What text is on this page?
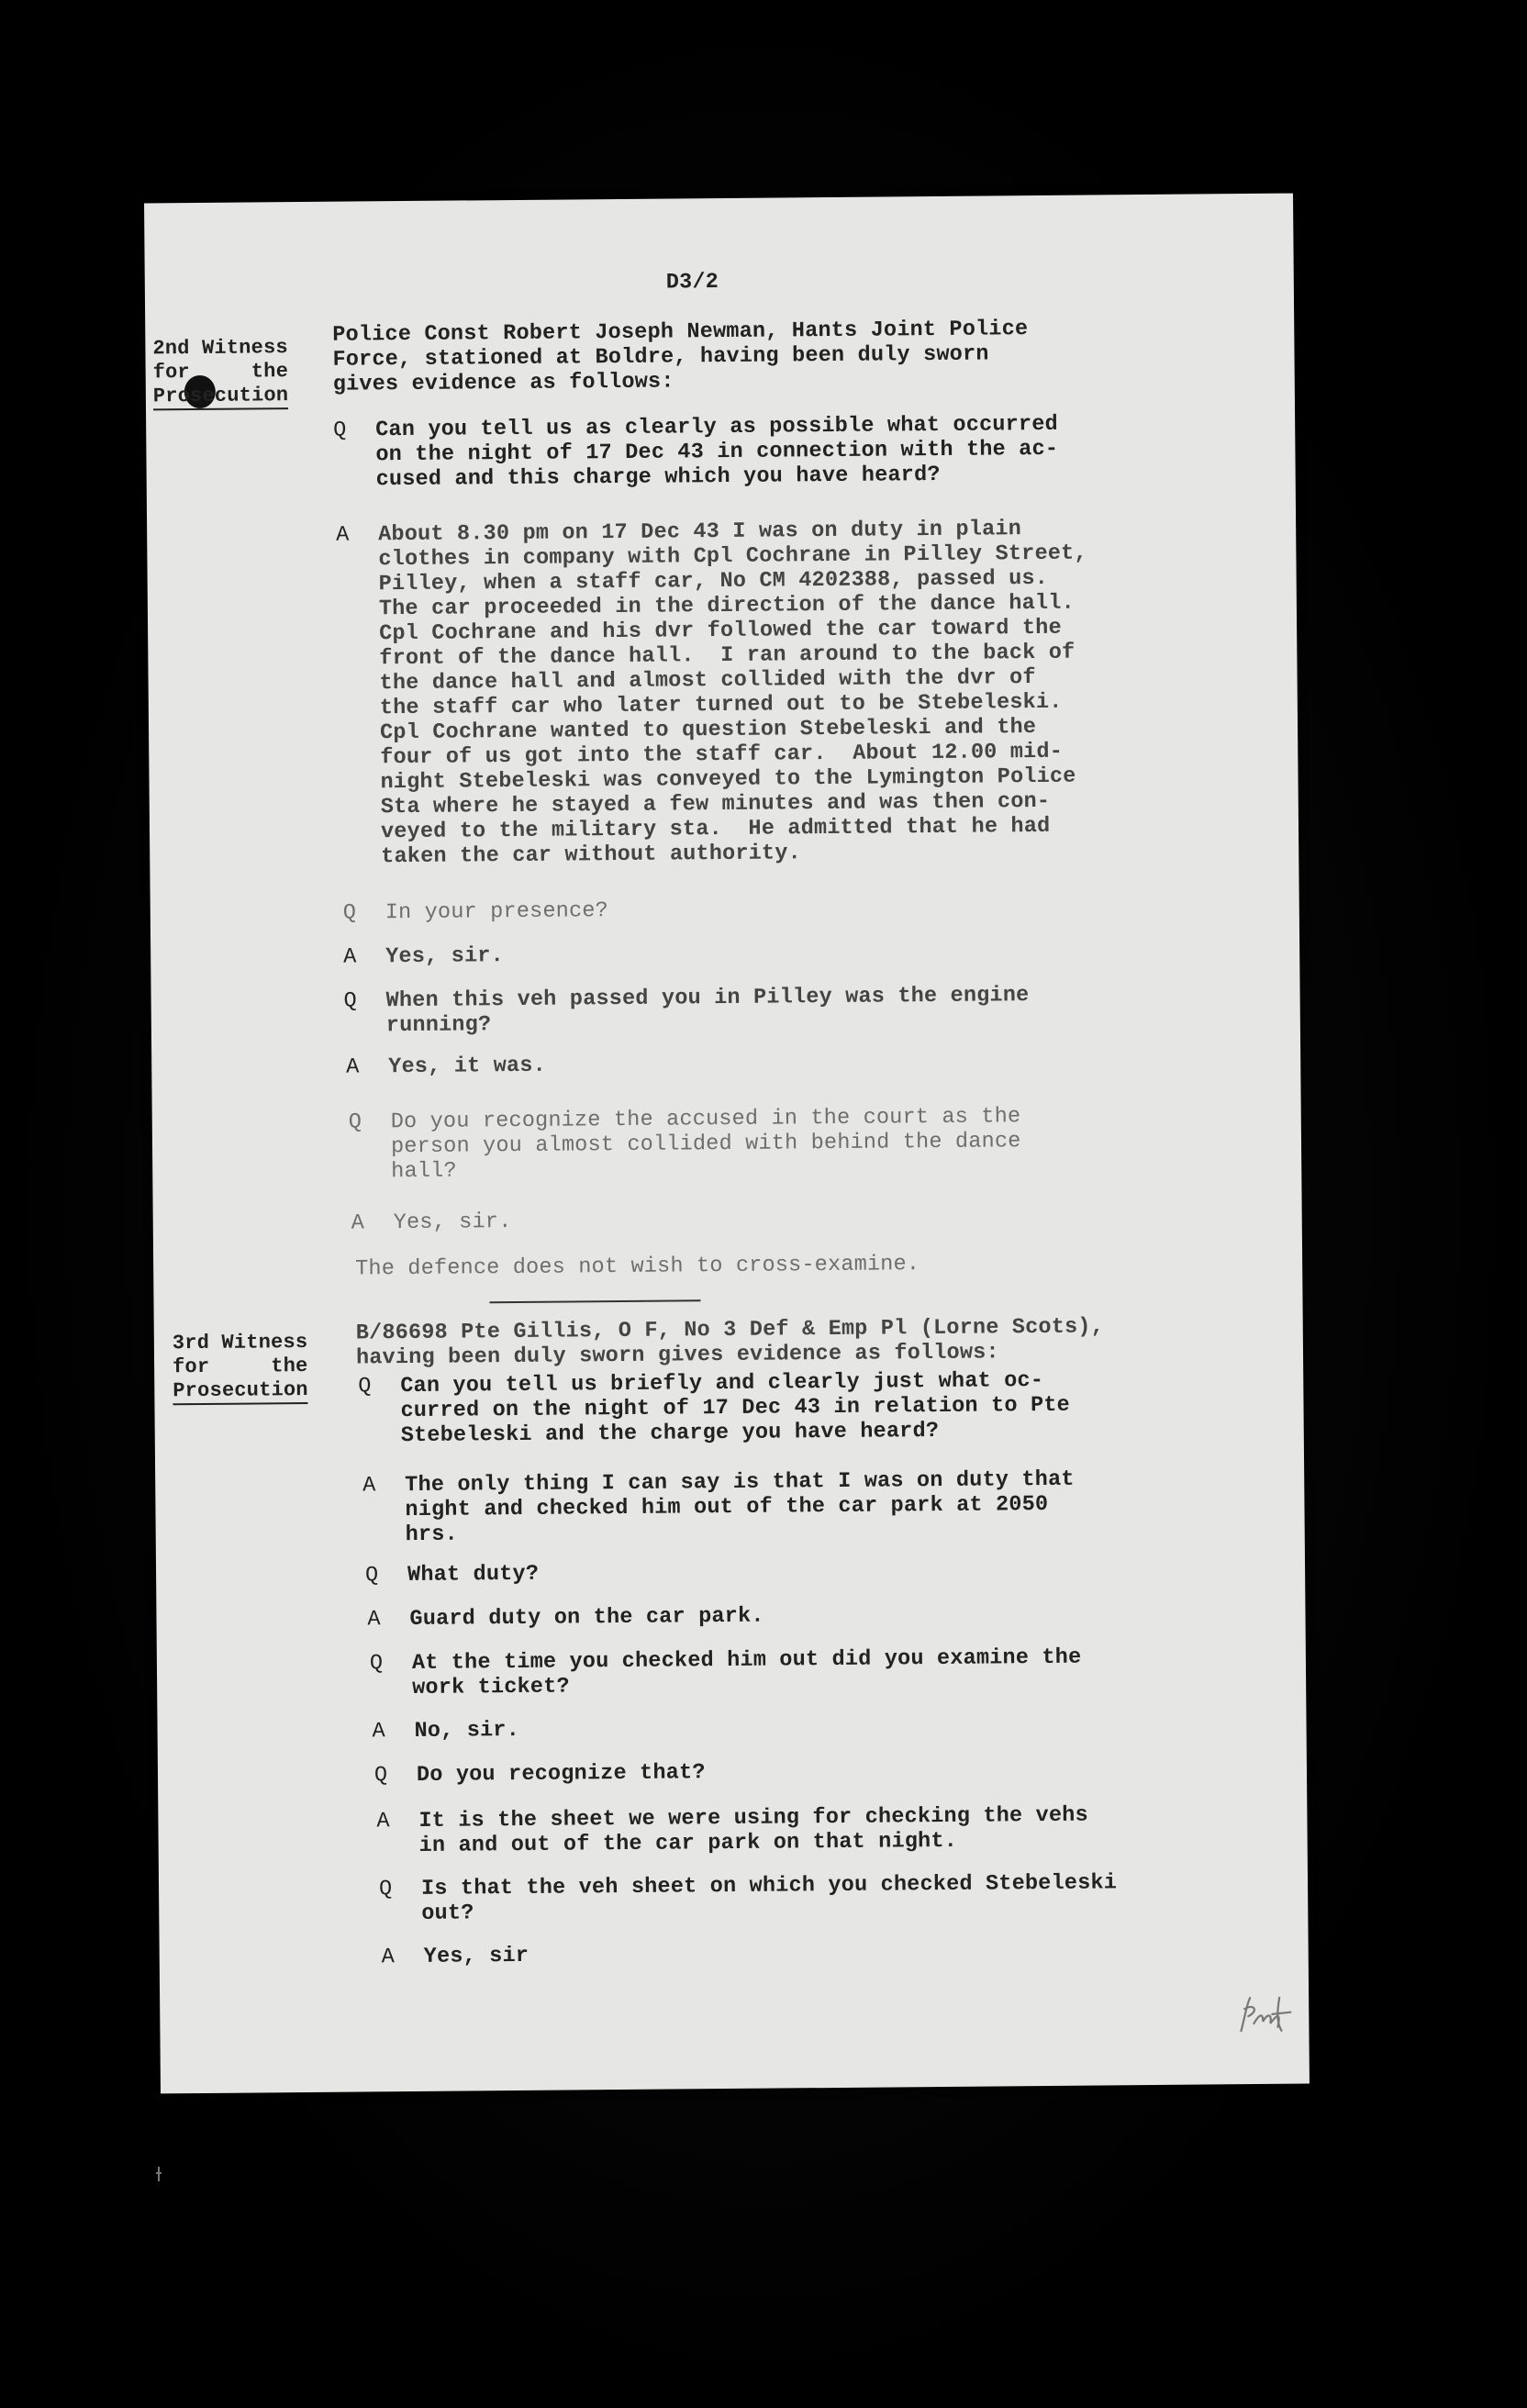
D3/2
2nd Witness
for     the
Prosecution
Police Const Robert Joseph Newman, Hants Joint Police
Force, stationed at Boldre, having been duly sworn
gives evidence as follows:
Q	Can you tell us as clearly as possible what occurred
on the night of 17 Dec 43 in connection with the ac-
cused and this charge which you have heard?
A	About 8.30 pm on 17 Dec 43 I was on duty in plain
clothes in company with Cpl Cochrane in Pilley Street,
Pilley, when a staff car, No CM 4202388, passed us.
The car proceeded in the direction of the dance hall.
Cpl Cochrane and his dvr followed the car toward the
front of the dance hall.  I ran around to the back of
the dance hall and almost collided with the dvr of
the staff car who later turned out to be Stebeleski.
Cpl Cochrane wanted to question Stebeleski and the
four of us got into the staff car.  About 12.00 mid-
night Stebeleski was conveyed to the Lymington Police
Sta where he stayed a few minutes and was then con-
veyed to the military sta.  He admitted that he had
taken the car without authority.
Q	In your presence?
A	Yes, sir.
Q	When this veh passed you in Pilley was the engine
running?
A	Yes, it was.
Q	Do you recognize the accused in the court as the
person you almost collided with behind the dance
hall?
A	Yes, sir.
The defence does not wish to cross-examine.
3rd Witness
for     the
Prosecution
B/86698 Pte Gillis, O F, No 3 Def & Emp Pl (Lorne Scots),
having been duly sworn gives evidence as follows:
Q	Can you tell us briefly and clearly just what oc-
curred on the night of 17 Dec 43 in relation to Pte
Stebeleski and the charge you have heard?
A	The only thing I can say is that I was on duty that
night and checked him out of the car park at 2050
hrs.
Q	What duty?
A	Guard duty on the car park.
Q	At the time you checked him out did you examine the
work ticket?
A	No, sir.
Q	Do you recognize that?
A	It is the sheet we were using for checking the vehs
in and out of the car park on that night.
Q	Is that the veh sheet on which you checked Stebeleski
out?
A	Yes, sir
